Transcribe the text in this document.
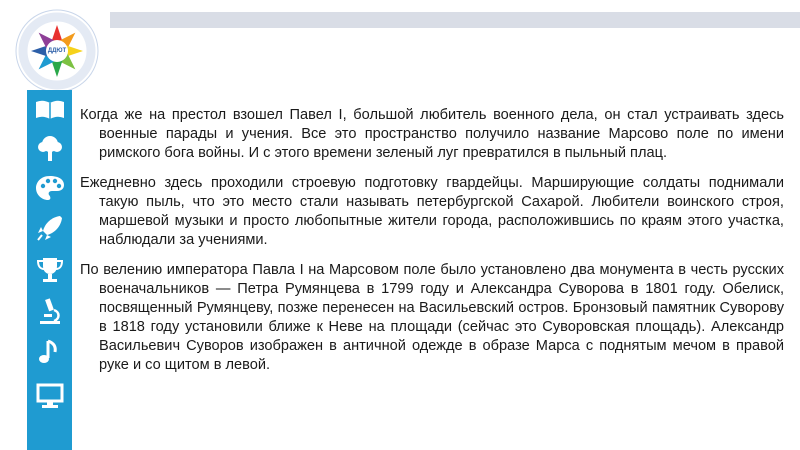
ДДЮТ

Когда же на престол взошел Павел I, большой любитель военного дела, он стал устраивать здесь военные парады и учения. Все это пространство получило название Марсово поле по имени римского бога войны. И с этого времени зеленый луг превратился в пыльный плац.

Ежедневно здесь проходили строевую подготовку гвардейцы. Марширующие солдаты поднимали такую пыль, что это место стали называть петербургской Сахарой. Любители воинского строя, маршевой музыки и просто любопытные жители города, расположившись по краям этого участка, наблюдали за учениями.

По велению императора Павла I на Марсовом поле было установлено два монумента в честь русских военачальников — Петра Румянцева в 1799 году и Александра Суворова в 1801 году. Обелиск, посвященный Румянцеву, позже перенесен на Васильевский остров. Бронзовый памятник Суворову в 1818 году установили ближе к Неве на площади (сейчас это Суворовская площадь). Александр Васильевич Суворов изображен в античной одежде в образе Марса с поднятым мечом в правой руке и со щитом в левой.
